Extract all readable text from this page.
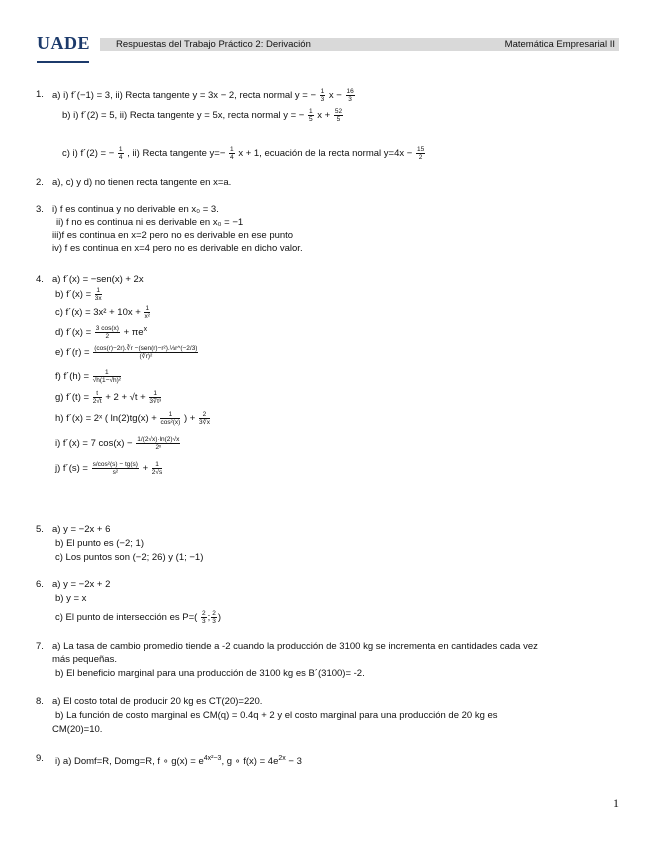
UADE	Respuestas del Trabajo Práctico 2: Derivación	Matemática Empresarial II
1. a) i) f´(−1) = 3, ii) Recta tangente y = 3x − 2, recta normal y = − $\frac{1}{3}$ $x - \frac{16}{3}$
b) i) f´(2) = 5, ii) Recta tangente y = 5x, recta normal y = − $\frac{1}{5}$ $x + \frac{52}{5}$
c) i) f´(2) = − $\frac{1}{4}$ , ii) Recta tangente $y=- \frac{1}{4}$ x + 1, ecuación de la recta normal $y=4x - \frac{15}{2}$
2. a), c) y d) no tienen recta tangente en x=a.
3. i) f es continua y no derivable en x₀ = 3.
ii) f no es continua ni es derivable en x₀ = −1
iii)f es continua en x=2 pero no es derivable en ese punto
iv) f es continua en x=4 pero no es derivable en dicho valor.
4. a) f´(x) = −sen(x) + 2x
b) f´(x) = $\frac{1}{3x}$
c) f´(x) = $3x^2 + 10x + \frac{1}{\text{x²}}$
d) f´(x) = $\frac{3 \cos(x)}{2} + \pi e^x$
e) f´(r) = $\frac{\text{(cos(r)−2r).∛r −(sen(r)−r²).⅓r\textasciicircum{}(−2/3)}}{\text{(∛r)²}}$
f) f´(h) = $\frac{1}{\text{√h(1−√h)²}}$
g) f´(t) = $\frac{t}{2√t} + 2 + √t + \frac{1}{\text{3∜t³}}$
h) f´(x) = 2ˣ ( $\ln(2)tg(x) + \frac{1}{\text{cos²(x)}}$ ) + $\frac{2}{3∛x}$
i) f´(x) = 7 $\cos(x) - \frac{1/(2√x)\cdot\ln(2)√x}{\text{2ˣ}}$
j) f´(s) = $\frac{\text{s/cos²(s) − tg(s)}}{\text{s²}} + \frac{1}{2√s}$
5. a) y = −2x + 6
b) El punto es (−2; 1)
c) Los puntos son (−2; 26) y (1; −1)
6. a) y = −2x + 2
b) y = x
c) El punto de intersección es $P=( \frac{2}{3}$ ; $\frac{2}{3}$ )
7. a) La tasa de cambio promedio tiende a -2 cuando la producción de 3100 kg se incrementa en cantidades cada vez
más pequeñas.
b) El beneficio marginal para una producción de 3100 kg es B´(3100)= -2.
8. a) El costo total de producir 20 kg es CT(20)=220.
b) La función de costo marginal es CM(q) = 0.4q + 2 y el costo marginal para una producción de 20 kg es
CM(20)=10.
9. i) a) Domf=R, Domg=R, f ∘ $g(x) = e^{4x^2-3}$, g ∘ $f(x) = 4e^{2x} - 3$
1
